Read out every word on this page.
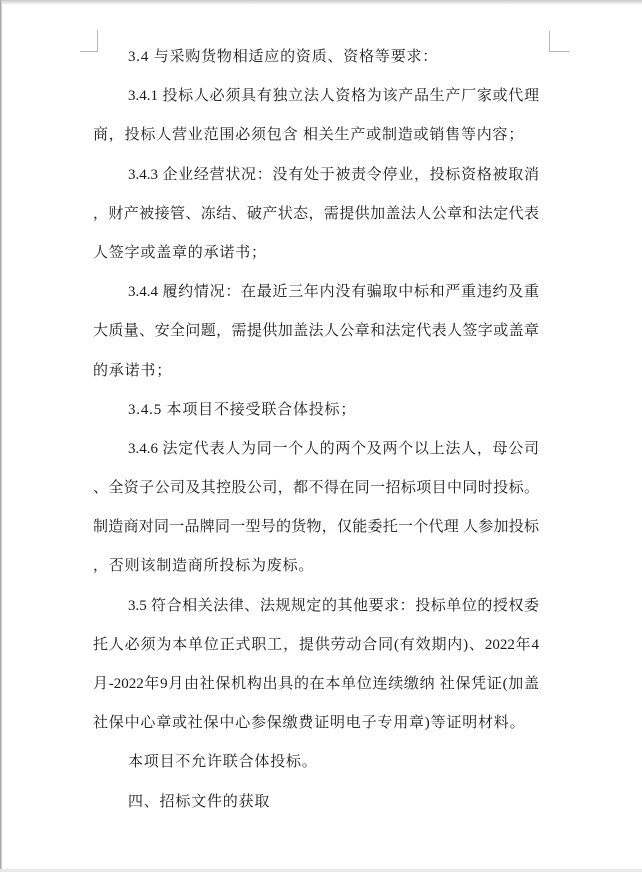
3.4 与采购货物相适应的资质、资格等要求：
3.4.1 投标人必须具有独立法人资格为该产品生产厂家或代理
商，投标人营业范围必须包含 相关生产或制造或销售等内容；
3.4.3 企业经营状况：没有处于被责令停业，投标资格被取消
，财产被接管、冻结、破产状态，需提供加盖法人公章和法定代表
人签字或盖章的承诺书；
3.4.4 履约情况：在最近三年内没有骗取中标和严重违约及重
大质量、安全问题，需提供加盖法人公章和法定代表人签字或盖章
的承诺书；
3.4.5 本项目不接受联合体投标；
3.4.6 法定代表人为同一个人的两个及两个以上法人，母公司
、全资子公司及其控股公司，都不得在同一招标项目中同时投标。
制造商对同一品牌同一型号的货物，仅能委托一个代理 人参加投标
，否则该制造商所投标为废标。
3.5 符合相关法律、法规规定的其他要求：投标单位的授权委
托人必须为本单位正式职工，提供劳动合同(有效期内)、2022年4
月-2022年9月由社保机构出具的在本单位连续缴纳 社保凭证(加盖
社保中心章或社保中心参保缴费证明电子专用章)等证明材料。
本项目不允许联合体投标。
四、招标文件的获取
